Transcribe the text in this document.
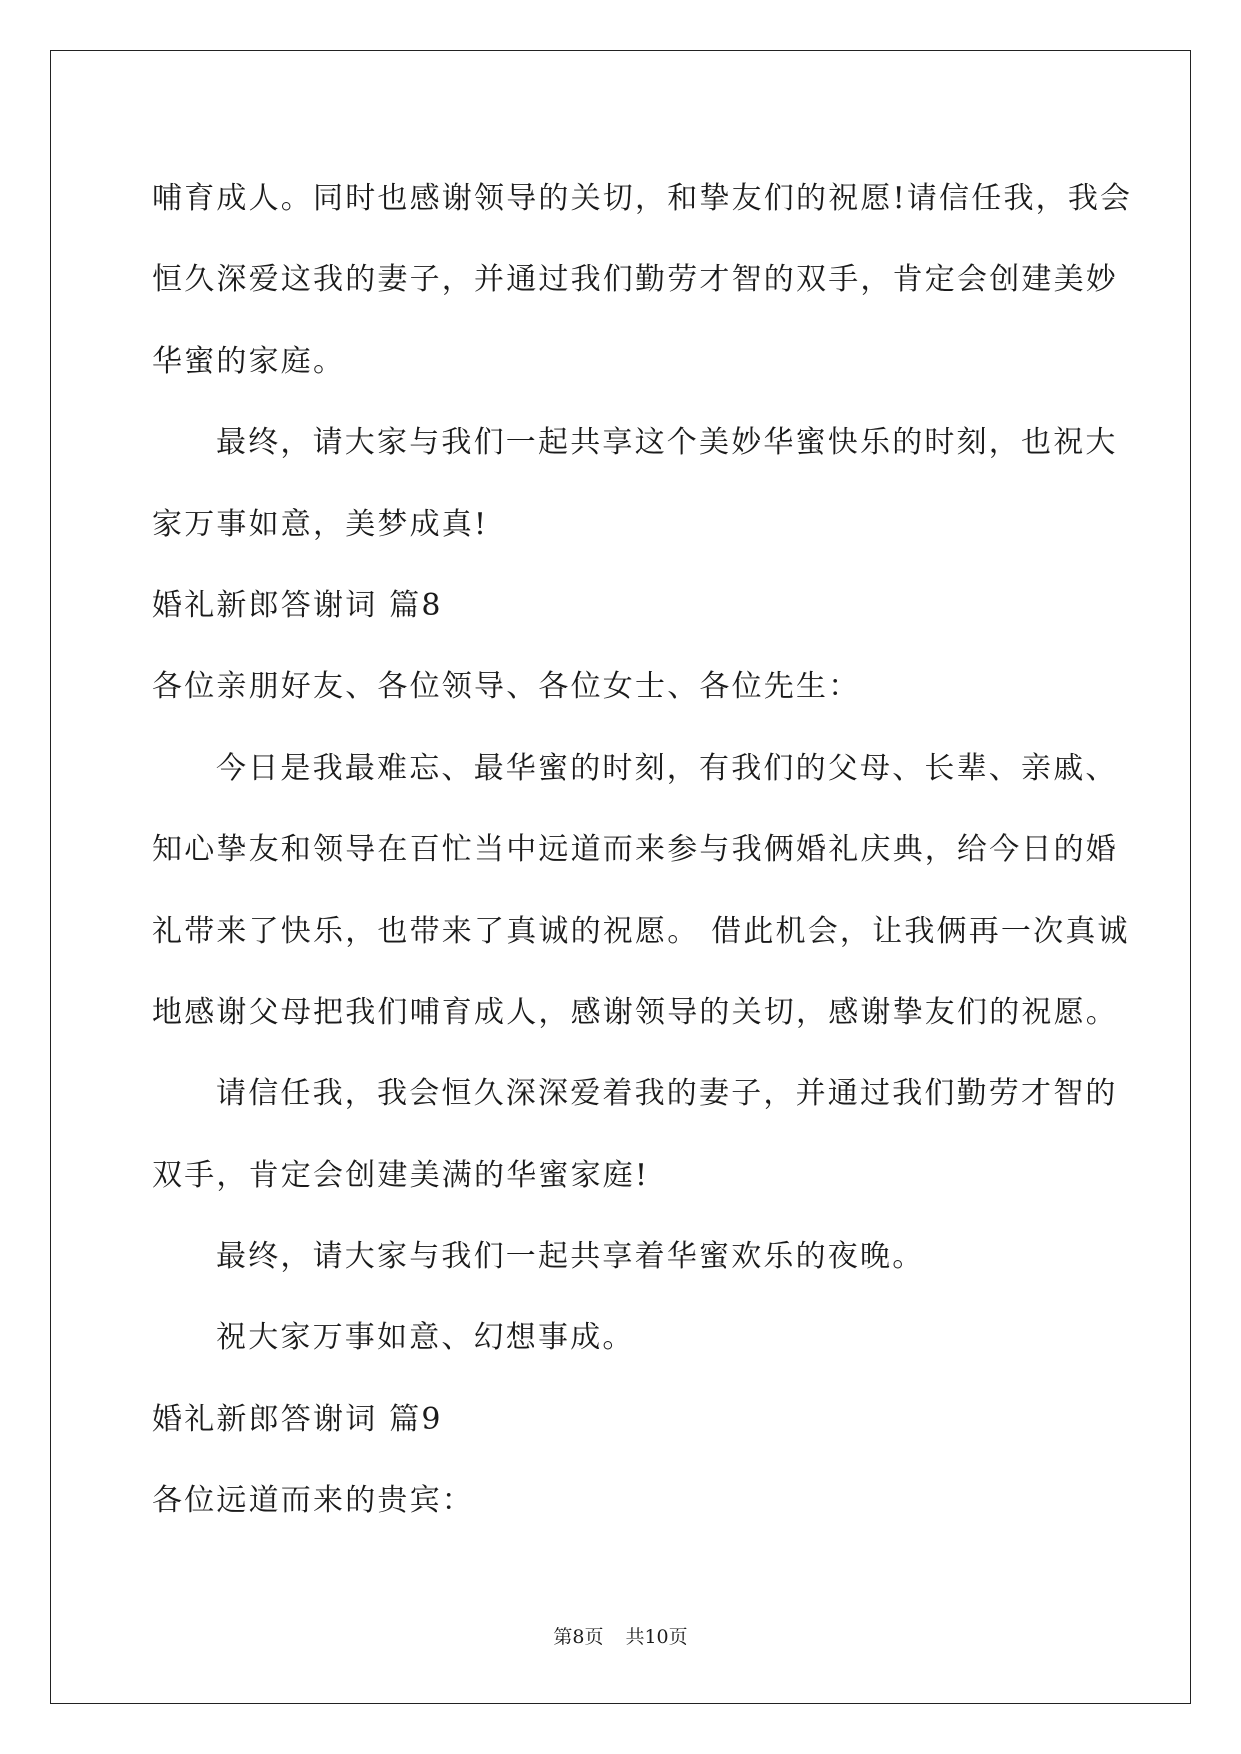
哺育成人。同时也感谢领导的关切，和挚友们的祝愿!请信任我，我会
恒久深爱这我的妻子，并通过我们勤劳才智的双手，肯定会创建美妙
华蜜的家庭。
最终，请大家与我们一起共享这个美妙华蜜快乐的时刻，也祝大
家万事如意，美梦成真!
婚礼新郎答谢词 篇8
各位亲朋好友、各位领导、各位女士、各位先生：
今日是我最难忘、最华蜜的时刻，有我们的父母、长辈、亲戚、
知心挚友和领导在百忙当中远道而来参与我俩婚礼庆典，给今日的婚
礼带来了快乐，也带来了真诚的祝愿。 借此机会，让我俩再一次真诚
地感谢父母把我们哺育成人，感谢领导的关切，感谢挚友们的祝愿。
请信任我，我会恒久深深爱着我的妻子，并通过我们勤劳才智的
双手，肯定会创建美满的华蜜家庭!
最终，请大家与我们一起共享着华蜜欢乐的夜晚。
祝大家万事如意、幻想事成。
婚礼新郎答谢词 篇9
各位远道而来的贵宾：
第8页 共10页
